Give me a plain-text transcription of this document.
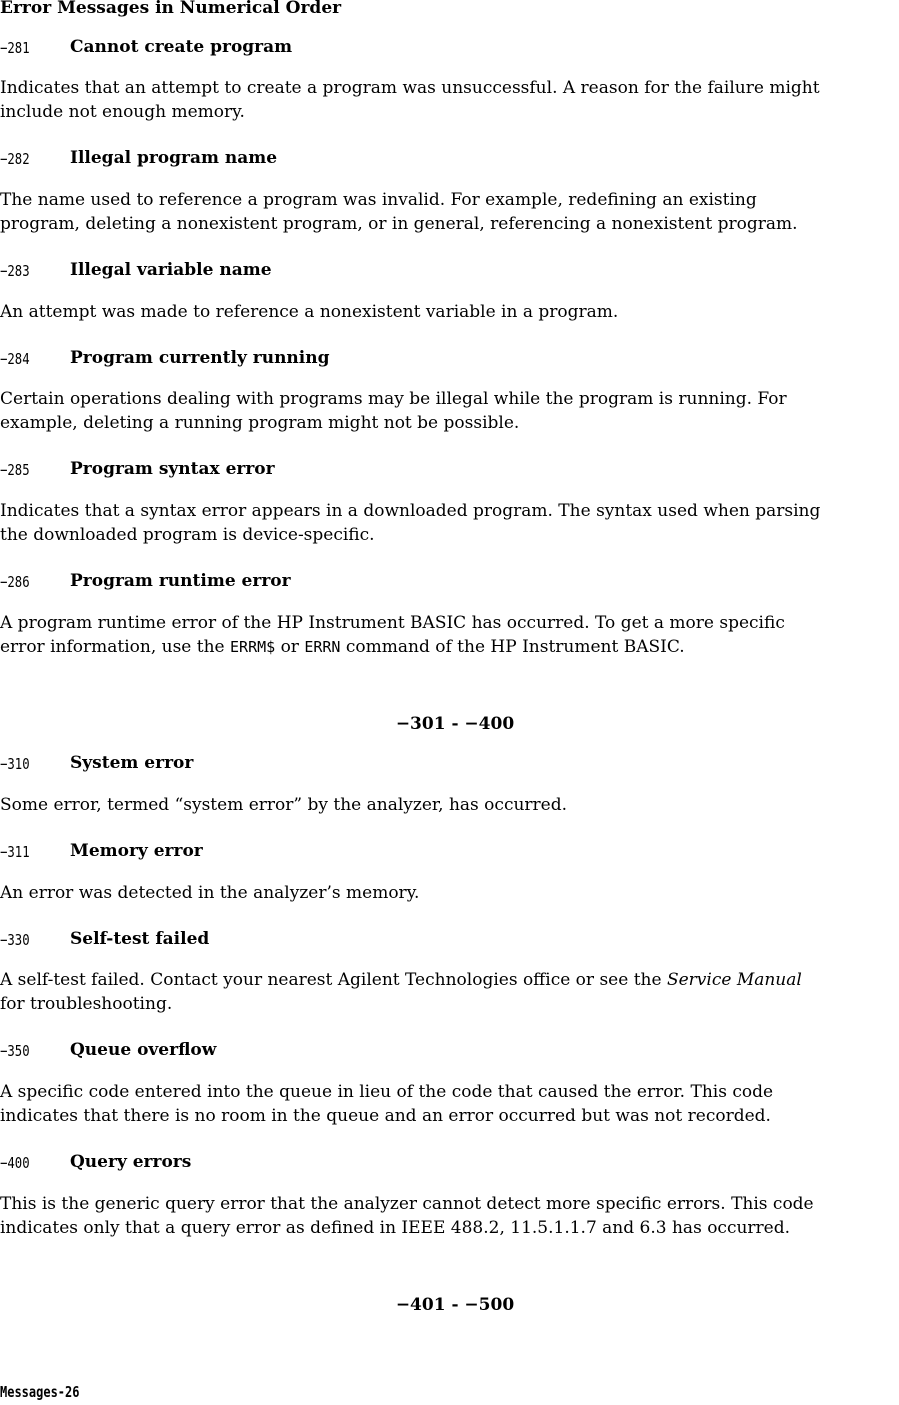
Error Messages in Numerical Order
−281 Cannot create program
Indicates that an attempt to create a program was unsuccessful. A reason for the failure might
include not enough memory.
−282 Illegal program name
The name used to reference a program was invalid. For example, redefining an existing
program, deleting a nonexistent program, or in general, referencing a nonexistent program.
−283 Illegal variable name
An attempt was made to reference a nonexistent variable in a program.
−284 Program currently running
Certain operations dealing with programs may be illegal while the program is running. For
example, deleting a running program might not be possible.
−285 Program syntax error
Indicates that a syntax error appears in a downloaded program. The syntax used when parsing
the downloaded program is device-specific.
−286 Program runtime error
A program runtime error of the HP Instrument BASIC has occurred. To get a more specific
error information, use the ERRM$ or ERRN command of the HP Instrument BASIC.
−301 - −400
−310 System error
Some error, termed “system error” by the analyzer, has occurred.
−311 Memory error
An error was detected in the analyzer’s memory.
−330 Self-test failed
A self-test failed. Contact your nearest Agilent Technologies office or see the Service Manual
for troubleshooting.
−350 Queue overflow
A specific code entered into the queue in lieu of the code that caused the error. This code
indicates that there is no room in the queue and an error occurred but was not recorded.
−400 Query errors
This is the generic query error that the analyzer cannot detect more specific errors. This code
indicates only that a query error as defined in IEEE 488.2, 11.5.1.1.7 and 6.3 has occurred.
−401 - −500
Messages-26
